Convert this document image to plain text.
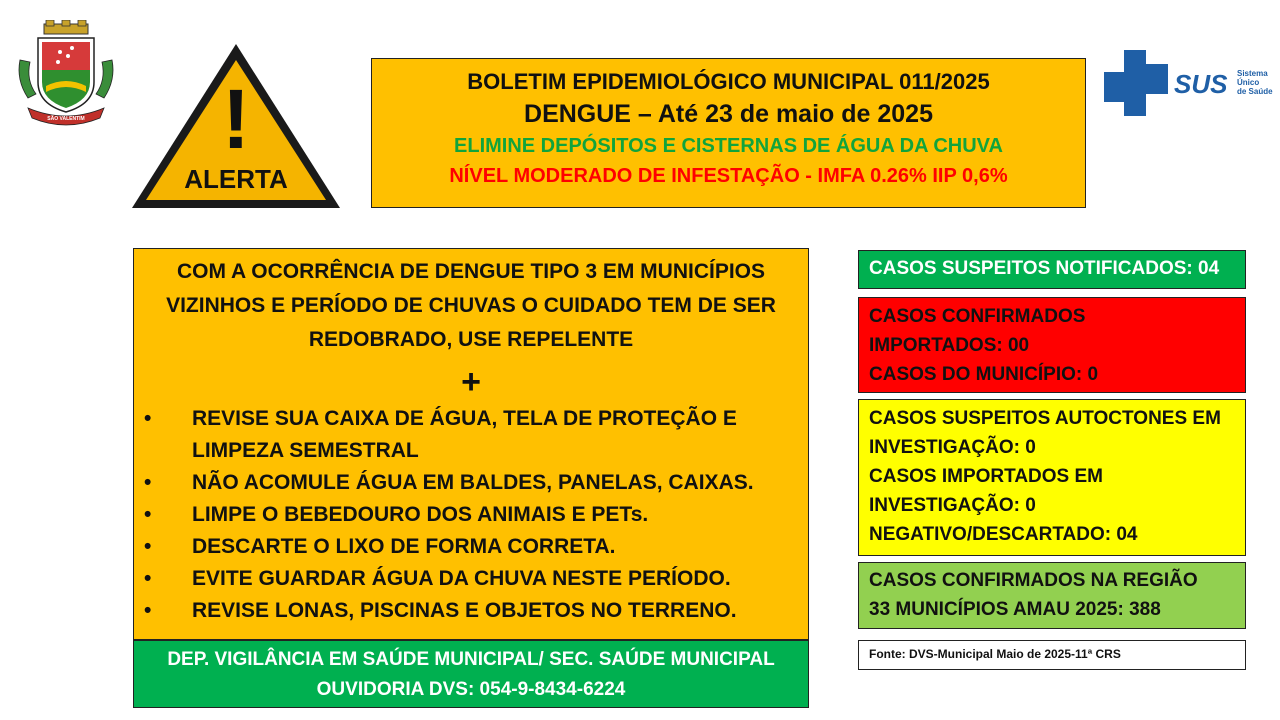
SÃO VALENTIM !
ALERTA
BOLETIM EPIDEMIOLÓGICO MUNICIPAL 011/2025
DENGUE – Até 23 de maio de 2025
ELIMINE DEPÓSITOS E CISTERNAS DE ÁGUA DA CHUVA
NÍVEL MODERADO DE INFESTAÇÃO - IMFA 0.26% IIP 0,6%
SUS Sistema
Único
de Saúde
COM A OCORRÊNCIA DE DENGUE TIPO 3 EM MUNICÍPIOS VIZINHOS E PERÍODO DE CHUVAS O CUIDADO TEM DE SER REDOBRADO, USE REPELENTE
+
• REVISE SUA CAIXA DE ÁGUA, TELA DE PROTEÇÃO E LIMPEZA SEMESTRAL
• NÃO ACOMULE ÁGUA EM BALDES, PANELAS, CAIXAS.
• LIMPE O BEBEDOURO DOS ANIMAIS E PETs.
• DESCARTE O LIXO DE FORMA CORRETA.
• EVITE GUARDAR ÁGUA DA CHUVA NESTE PERÍODO.
• REVISE LONAS, PISCINAS E OBJETOS NO TERRENO.
DEP. VIGILÂNCIA EM SAÚDE MUNICIPAL/ SEC. SAÚDE MUNICIPAL
OUVIDORIA DVS: 054-9-8434-6224
CASOS SUSPEITOS NOTIFICADOS: 04
CASOS CONFIRMADOS
IMPORTADOS: 00
CASOS DO MUNICÍPIO: 0
CASOS SUSPEITOS AUTOCTONES EM
INVESTIGAÇÃO: 0
CASOS IMPORTADOS EM
INVESTIGAÇÃO: 0
NEGATIVO/DESCARTADO: 04
CASOS CONFIRMADOS NA REGIÃO
33 MUNICÍPIOS AMAU 2025: 388
Fonte: DVS-Municipal Maio de 2025-11ª CRS
